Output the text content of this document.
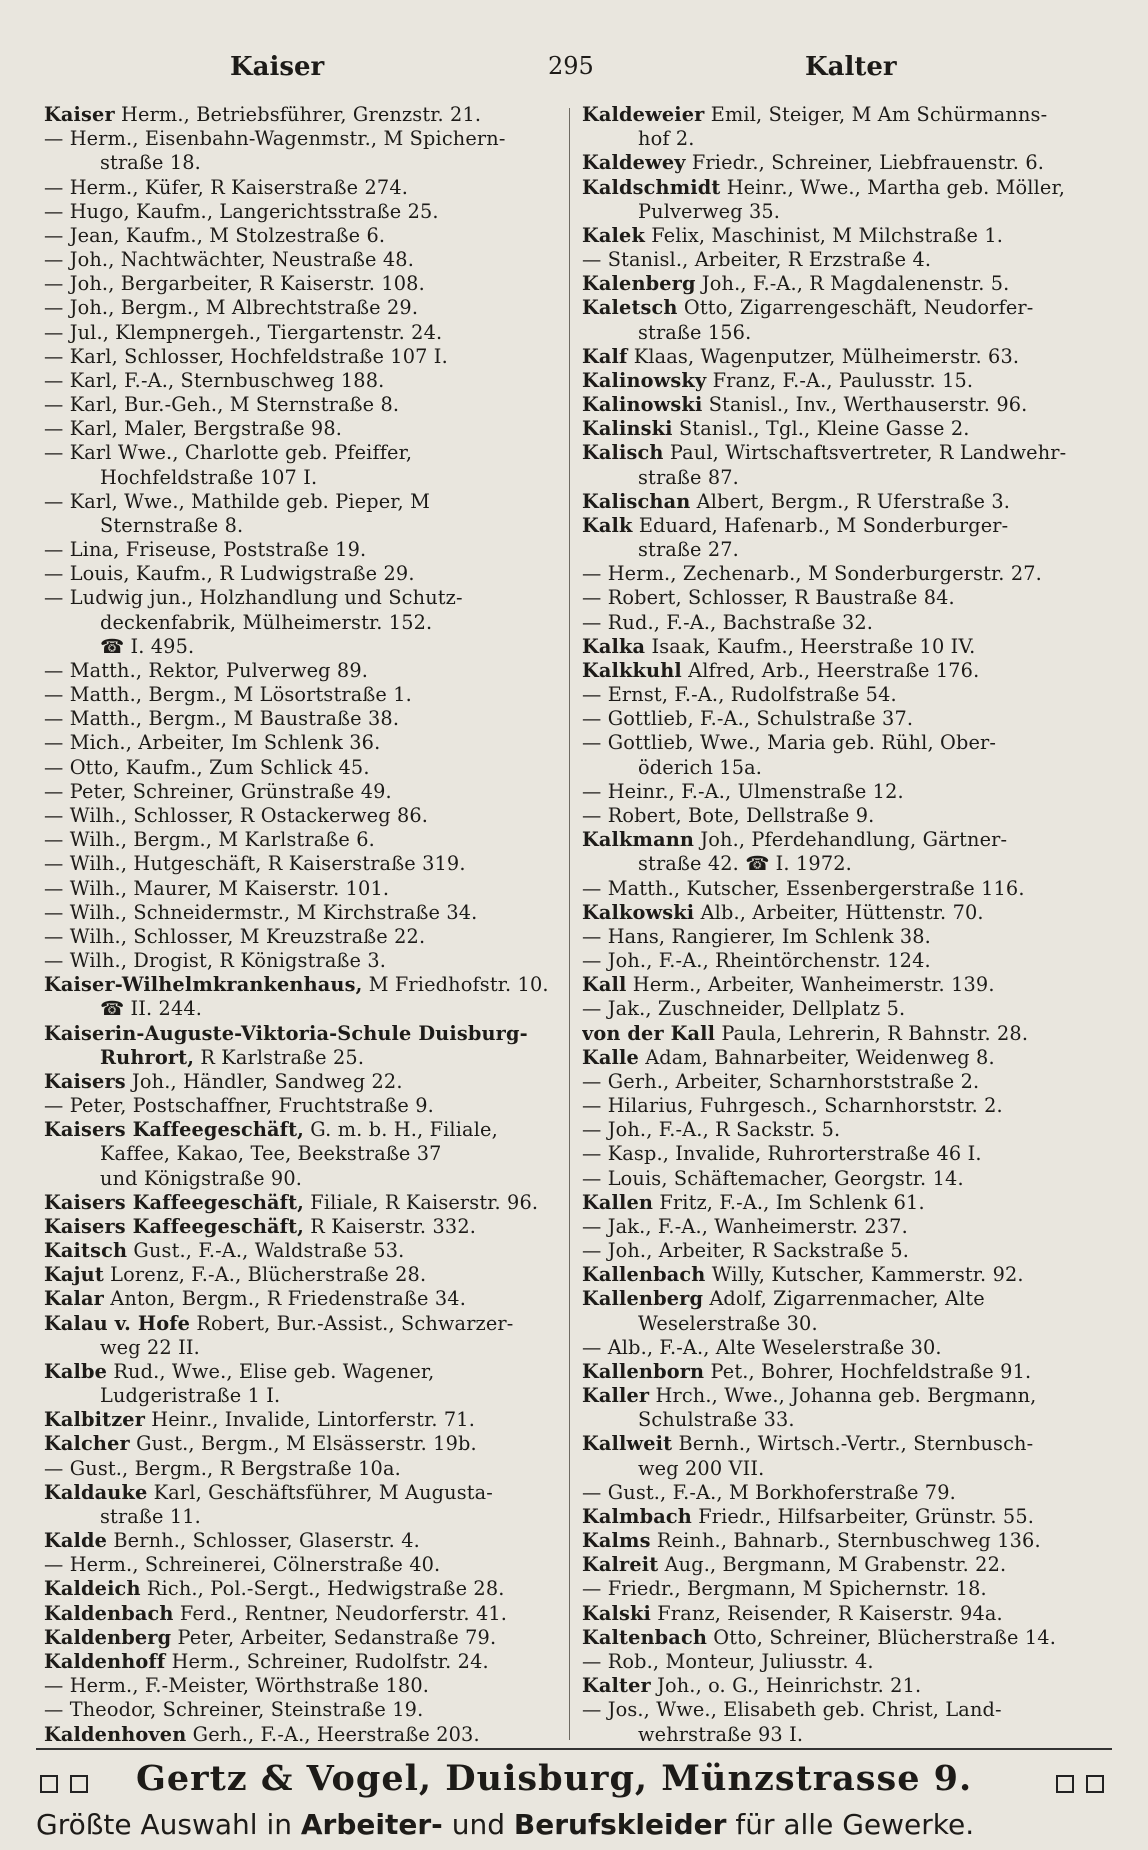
Kaiser	295	Kalter
Kaiser Herm., Betriebsführer, Grenzstr. 21.
— Herm., Eisenbahn-Wagenmstr., M Spichern-
straße 18.
— Herm., Küfer, R Kaiserstraße 274.
— Hugo, Kaufm., Langerichtsstraße 25.
— Jean, Kaufm., M Stolzestraße 6.
— Joh., Nachtwächter, Neustraße 48.
— Joh., Bergarbeiter, R Kaiserstr. 108.
— Joh., Bergm., M Albrechtstraße 29.
— Jul., Klempnergeh., Tiergartenstr. 24.
— Karl, Schlosser, Hochfeldstraße 107 I.
— Karl, F.-A., Sternbuschweg 188.
— Karl, Bur.-Geh., M Sternstraße 8.
— Karl, Maler, Bergstraße 98.
— Karl Wwe., Charlotte geb. Pfeiffer,
Hochfeldstraße 107 I.
— Karl, Wwe., Mathilde geb. Pieper, M
Sternstraße 8.
— Lina, Friseuse, Poststraße 19.
— Louis, Kaufm., R Ludwigstraße 29.
— Ludwig jun., Holzhandlung und Schutz-
deckenfabrik, Mülheimerstr. 152.
☎ I. 495.
— Matth., Rektor, Pulverweg 89.
— Matth., Bergm., M Lösortstraße 1.
— Matth., Bergm., M Baustraße 38.
— Mich., Arbeiter, Im Schlenk 36.
— Otto, Kaufm., Zum Schlick 45.
— Peter, Schreiner, Grünstraße 49.
— Wilh., Schlosser, R Ostackerweg 86.
— Wilh., Bergm., M Karlstraße 6.
— Wilh., Hutgeschäft, R Kaiserstraße 319.
— Wilh., Maurer, M Kaiserstr. 101.
— Wilh., Schneidermstr., M Kirchstraße 34.
— Wilh., Schlosser, M Kreuzstraße 22.
— Wilh., Drogist, R Königstraße 3.
Kaiser-Wilhelmkrankenhaus, M Friedhofstr. 10.
☎ II. 244.
Kaiserin-Auguste-Viktoria-Schule Duisburg-
Ruhrort, R Karlstraße 25.
Kaisers Joh., Händler, Sandweg 22.
— Peter, Postschaffner, Fruchtstraße 9.
Kaisers Kaffeegeschäft, G. m. b. H., Filiale,
Kaffee, Kakao, Tee, Beekstraße 37
und Königstraße 90.
Kaisers Kaffeegeschäft, Filiale, R Kaiserstr. 96.
Kaisers Kaffeegeschäft, R Kaiserstr. 332.
Kaitsch Gust., F.-A., Waldstraße 53.
Kajut Lorenz, F.-A., Blücherstraße 28.
Kalar Anton, Bergm., R Friedenstraße 34.
Kalau v. Hofe Robert, Bur.-Assist., Schwarzer-
weg 22 II.
Kalbe Rud., Wwe., Elise geb. Wagener,
Ludgeristraße 1 I.
Kalbitzer Heinr., Invalide, Lintorferstr. 71.
Kalcher Gust., Bergm., M Elsässerstr. 19b.
— Gust., Bergm., R Bergstraße 10a.
Kaldauke Karl, Geschäftsführer, M Augusta-
straße 11.
Kalde Bernh., Schlosser, Glaserstr. 4.
— Herm., Schreinerei, Cölnerstraße 40.
Kaldeich Rich., Pol.-Sergt., Hedwigstraße 28.
Kaldenbach Ferd., Rentner, Neudorferstr. 41.
Kaldenberg Peter, Arbeiter, Sedanstraße 79.
Kaldenhoff Herm., Schreiner, Rudolfstr. 24.
— Herm., F.-Meister, Wörthstraße 180.
— Theodor, Schreiner, Steinstraße 19.
Kaldenhoven Gerh., F.-A., Heerstraße 203.
Kaldeweier Emil, Steiger, M Am Schürmanns-
hof 2.
Kaldewey Friedr., Schreiner, Liebfrauenstr. 6.
Kaldschmidt Heinr., Wwe., Martha geb. Möller,
Pulverweg 35.
Kalek Felix, Maschinist, M Milchstraße 1.
— Stanisl., Arbeiter, R Erzstraße 4.
Kalenberg Joh., F.-A., R Magdalenenstr. 5.
Kaletsch Otto, Zigarrengeschäft, Neudorfer-
straße 156.
Kalf Klaas, Wagenputzer, Mülheimerstr. 63.
Kalinowsky Franz, F.-A., Paulusstr. 15.
Kalinowski Stanisl., Inv., Werthauserstr. 96.
Kalinski Stanisl., Tgl., Kleine Gasse 2.
Kalisch Paul, Wirtschaftsvertreter, R Landwehr-
straße 87.
Kalischan Albert, Bergm., R Uferstraße 3.
Kalk Eduard, Hafenarb., M Sonderburger-
straße 27.
— Herm., Zechenarb., M Sonderburgerstr. 27.
— Robert, Schlosser, R Baustraße 84.
— Rud., F.-A., Bachstraße 32.
Kalka Isaak, Kaufm., Heerstraße 10 IV.
Kalkkuhl Alfred, Arb., Heerstraße 176.
— Ernst, F.-A., Rudolfstraße 54.
— Gottlieb, F.-A., Schulstraße 37.
— Gottlieb, Wwe., Maria geb. Rühl, Ober-
öderich 15a.
— Heinr., F.-A., Ulmenstraße 12.
— Robert, Bote, Dellstraße 9.
Kalkmann Joh., Pferdehandlung, Gärtner-
straße 42. ☎ I. 1972.
— Matth., Kutscher, Essenbergerstraße 116.
Kalkowski Alb., Arbeiter, Hüttenstr. 70.
— Hans, Rangierer, Im Schlenk 38.
— Joh., F.-A., Rheintörchenstr. 124.
Kall Herm., Arbeiter, Wanheimerstr. 139.
— Jak., Zuschneider, Dellplatz 5.
von der Kall Paula, Lehrerin, R Bahnstr. 28.
Kalle Adam, Bahnarbeiter, Weidenweg 8.
— Gerh., Arbeiter, Scharnhorststraße 2.
— Hilarius, Fuhrgesch., Scharnhorststr. 2.
— Joh., F.-A., R Sackstr. 5.
— Kasp., Invalide, Ruhrorterstraße 46 I.
— Louis, Schäftemacher, Georgstr. 14.
Kallen Fritz, F.-A., Im Schlenk 61.
— Jak., F.-A., Wanheimerstr. 237.
— Joh., Arbeiter, R Sackstraße 5.
Kallenbach Willy, Kutscher, Kammerstr. 92.
Kallenberg Adolf, Zigarrenmacher, Alte
Weselerstraße 30.
— Alb., F.-A., Alte Weselerstraße 30.
Kallenborn Pet., Bohrer, Hochfeldstraße 91.
Kaller Hrch., Wwe., Johanna geb. Bergmann,
Schulstraße 33.
Kallweit Bernh., Wirtsch.-Vertr., Sternbusch-
weg 200 VII.
— Gust., F.-A., M Borkhoferstraße 79.
Kalmbach Friedr., Hilfsarbeiter, Grünstr. 55.
Kalms Reinh., Bahnarb., Sternbuschweg 136.
Kalreit Aug., Bergmann, M Grabenstr. 22.
— Friedr., Bergmann, M Spichernstr. 18.
Kalski Franz, Reisender, R Kaiserstr. 94a.
Kaltenbach Otto, Schreiner, Blücherstraße 14.
— Rob., Monteur, Juliusstr. 4.
Kalter Joh., o. G., Heinrichstr. 21.
— Jos., Wwe., Elisabeth geb. Christ, Land-
wehrstraße 93 I.
Gertz & Vogel, Duisburg, Münzstrasse 9.
Größte Auswahl in Arbeiter- und Berufskleider für alle Gewerke.
